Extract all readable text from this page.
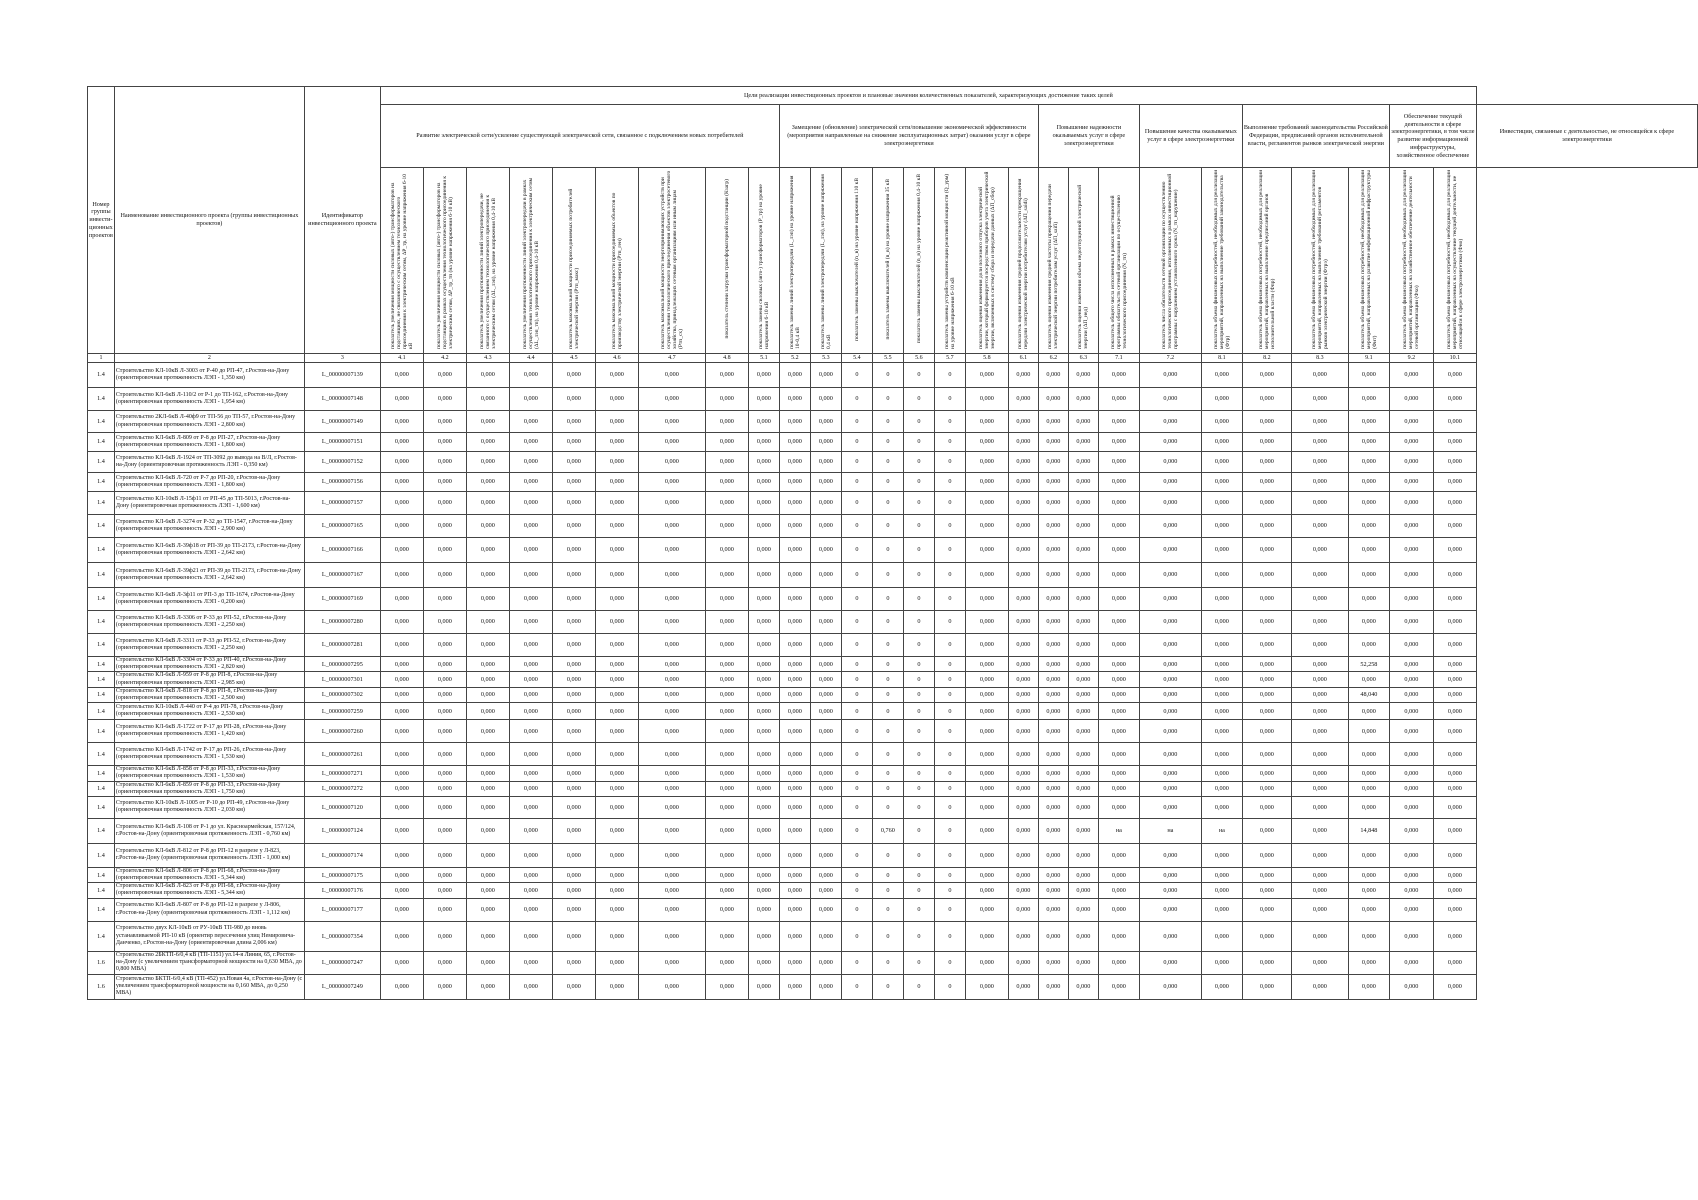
Номер группы инвести-ционных проектов	Наименование инвестиционного проекта (группы инвестиционных проектов)	Идентификатор инвестиционного проекта	Цели реализации инвестиционных проектов и плановые значения количественных показателей, характеризующих достижение таких целей																											
			Развитие электрической сети/усиление существующей электрической сети, связанное с подключением новых потребителей									Замещение (обновление) электрической сети/повышение экономической эффективности (мероприятия направленные на снижение эксплуатационных затрат) оказания услуг в сфере электроэнергетики								Повышение надежности оказываемых услуг в сфере электроэнергетики			Повышение качества оказываемых услуг в сфере электроэнергетики		Выполнение требований законодательства Российской Федерации, предписаний органов исполнительной власти, регламентов рынков электрической энергии			Обеспечение текущей деятельности в сфере электроэнергетики, в том числе развитие информационной инфраструктуры, хозяйственное обеспечение		Инвестиции, связанные с деятельностью, не относящейся к сфере электроэнергетики
			показатель увеличения мощности силовых (авто-) трансформаторов на подстанциях, не связанного с осуществлением технологического присоединения к электрическим сетям, ΔP_тр, на уровне напряжения 6-10 кВ	показатель увеличения мощности силовых (авто-) трансформаторов на подстанциях в рамках осуществления технологического присоединения к электрическим сетям, ΔP_тр_тп (на уровне напряжения 6-10 кВ)	показатель увеличения протяженности линий электропередачи, не связанного с осуществлением технологического присоединения к электрическим сетям (ΔL_лэп), на уровне напряжения 0,4-10 кВ	показатель увеличения протяженности линий электропередачи в рамках осуществления технологического присоединения к электрическим сетям (ΔL_лэп_тп), на уровне напряжения 0,4-10 кВ	показатель максимальной мощности присоединяемых потребителей электрической энергии (Ртп_макс)	показатель максимальной мощности присоединяемых объектов по производству электрической энергии (Ртп_ген)	показатель максимальной мощности энергопринимающих устройств при осуществлении технологического присоединения объектов электросетевого хозяйства, принадлежащих сетевым организациям или иным лицам (Ртп_сх)	показатель степени загрузки трансформаторной подстанции (Кзагр)	показатель замены силовых (авто-) трансформаторов (Р_тр) на уровне напряжения 6-10 кВ	показатель замены линий электропередачи (L_лэп) на уровне напряжения 10-0,4 кВ	показатель замены линий электропередачи (L_лэп), на уровне напряжения 0,4 кВ	показатель замены выключателей (n_в) на уровне напряжения 110 кВ	показатель замены выключателей (n_в) на уровне напряжения 35 кВ	показатель замены выключателей (n_в) на уровне напряжения 0,4-10 кВ	показатель замены устройств компенсации реактивной мощности (Q_урм) на уровне напряжения 6-10 кВ	показатель оценки изменения доли полезного отпуска электрической энергии, который формируется посредством приборов учета электрической энергии, включенных в систему сбора и передачи данных (ΔП_сбор)	показатель оценки изменения средней продолжительности прекращения передачи электрической энергии потребителям услуг (ΔП_saidi)	показатель оценки изменения средней частоты прекращения передачи электрической энергии потребителям услуг (ΔП_saifi)	показатель оценки изменения объема недоотпущенной электрической энергии (ΔП_нед)	показатель общего числа исполненных в рамках инвестиционной программы обязательств сетевой организации по осуществлению технологического присоединения (N_тп)	показатель числа обязательств сетевой организации по осуществлению технологического присоединения, исполненных в рамках инвестиционной программы с нарушением установленного срока (N_тп_нарушение)	показатель объема финансовых потребностей, необходимых для реализации мероприятий, направленных на выполнение требований законодательства (Фтр)	показатель объема финансовых потребностей, необходимых для реализации мероприятий, направленных на выполнение предписаний органов исполнительной власти (Фпр)	показатель объема финансовых потребностей, необходимых для реализации мероприятий, направленных на выполнение требований регламентов рынков электрической энергии (Фтрэ)	показатель объема финансовых потребностей, необходимых для реализации мероприятий, направленных на развитие информационной инфраструктуры (Фит)	показатель объема финансовых потребностей, необходимых для реализации мероприятий, направленных на хозяйственное обеспечение деятельности сетевой организации (Фхо)	показатель объема финансовых потребностей, необходимых для реализации мероприятий, направленных на осуществление текущей деятельности, не относящейся к сфере электроэнергетики (Фно)	
1	2	3	4.1	4.2	4.3	4.4	4.5	4.6	4.7	4.8	5.1	5.2	5.3	5.4	5.5	5.6	5.7	5.8	6.1	6.2	6.3	7.1	7.2	8.1	8.2	8.3	9.1	9.2	10.1	
1.4	Строительство КЛ-10кВ Л-3003 от Р-40 до РП-47, г.Ростов-на-Дону (ориентировочная протяженность ЛЭП - 1,350 км)	L_00000007139	0,000	0,000	0,000	0,000	0,000	0,000	0,000	0,000	0,000	0,000	0,000	0	0	0	0	0,000	0,000	0,000	0,000	0,000	0,000	0,000	0,000	0,000	0,000	0,000	0,000	
1.4	Строительство КЛ-6кВ Л-110/2 от Р-1 до ТП-162, г.Ростов-на-Дону (ориентировочная протяженность ЛЭП - 1,954 км)	L_00000007148	0,000	0,000	0,000	0,000	0,000	0,000	0,000	0,000	0,000	0,000	0,000	0	0	0	0	0,000	0,000	0,000	0,000	0,000	0,000	0,000	0,000	0,000	0,000	0,000	0,000	
1.4	Строительство 2КЛ-6кВ Л-40ф9 от ТП-56 до ТП-57, г.Ростов-на-Дону (ориентировочная протяженность ЛЭП - 2,800 км)	L_00000007149	0,000	0,000	0,000	0,000	0,000	0,000	0,000	0,000	0,000	0,000	0,000	0	0	0	0	0,000	0,000	0,000	0,000	0,000	0,000	0,000	0,000	0,000	0,000	0,000	0,000	
1.4	Строительство КЛ-6кВ Л-809 от Р-8 до РП-27, г.Ростов-на-Дону (ориентировочная протяженность ЛЭП - 1,800 км)	L_00000007151	0,000	0,000	0,000	0,000	0,000	0,000	0,000	0,000	0,000	0,000	0,000	0	0	0	0	0,000	0,000	0,000	0,000	0,000	0,000	0,000	0,000	0,000	0,000	0,000	0,000	
1.4	Строительство КЛ-6кВ Л-1924 от ТП-3092 до вывода на В/Л, г.Ростов-на-Дону (ориентировочная протяженность ЛЭП - 0,350 км)	L_00000007152	0,000	0,000	0,000	0,000	0,000	0,000	0,000	0,000	0,000	0,000	0,000	0	0	0	0	0,000	0,000	0,000	0,000	0,000	0,000	0,000	0,000	0,000	0,000	0,000	0,000	
1.4	Строительство КЛ-6кВ Л-720 от Р-7 до РП-20, г.Ростов-на-Дону (ориентировочная протяженность ЛЭП - 1,800 км)	L_00000007156	0,000	0,000	0,000	0,000	0,000	0,000	0,000	0,000	0,000	0,000	0,000	0	0	0	0	0,000	0,000	0,000	0,000	0,000	0,000	0,000	0,000	0,000	0,000	0,000	0,000	
1.4	Строительство КЛ-10кВ Л-15ф11 от РП-45 до ТП-5013, г.Ростов-на-Дону (ориентировочная протяженность ЛЭП - 1,600 км)	L_00000007157	0,000	0,000	0,000	0,000	0,000	0,000	0,000	0,000	0,000	0,000	0,000	0	0	0	0	0,000	0,000	0,000	0,000	0,000	0,000	0,000	0,000	0,000	0,000	0,000	0,000	
1.4	Строительство КЛ-6кВ Л-3274 от Р-32 до ТП-1547, г.Ростов-на-Дону (ориентировочная протяженность ЛЭП - 2,900 км)	L_00000007165	0,000	0,000	0,000	0,000	0,000	0,000	0,000	0,000	0,000	0,000	0,000	0	0	0	0	0,000	0,000	0,000	0,000	0,000	0,000	0,000	0,000	0,000	0,000	0,000	0,000	
1.4	Строительство КЛ-6кВ Л-39ф18 от РП-39 до ТП-2173, г.Ростов-на-Дону (ориентировочная протяженность ЛЭП - 2,642 км)	L_00000007166	0,000	0,000	0,000	0,000	0,000	0,000	0,000	0,000	0,000	0,000	0,000	0	0	0	0	0,000	0,000	0,000	0,000	0,000	0,000	0,000	0,000	0,000	0,000	0,000	0,000	
1.4	Строительство КЛ-6кВ Л-39ф21 от РП-39 до ТП-2173, г.Ростов-на-Дону (ориентировочная протяженность ЛЭП - 2,642 км)	L_00000007167	0,000	0,000	0,000	0,000	0,000	0,000	0,000	0,000	0,000	0,000	0,000	0	0	0	0	0,000	0,000	0,000	0,000	0,000	0,000	0,000	0,000	0,000	0,000	0,000	0,000	
1.4	Строительство КЛ-6кВ Л-3ф11 от РП-3 до ТП-1674, г.Ростов-на-Дону (ориентировочная протяженность ЛЭП - 0,200 км)	L_00000007169	0,000	0,000	0,000	0,000	0,000	0,000	0,000	0,000	0,000	0,000	0,000	0	0	0	0	0,000	0,000	0,000	0,000	0,000	0,000	0,000	0,000	0,000	0,000	0,000	0,000	
1.4	Строительство КЛ-6кВ Л-3306 от Р-33 до РП-52, г.Ростов-на-Дону (ориентировочная протяженность ЛЭП - 2,250 км)	L_00000007280	0,000	0,000	0,000	0,000	0,000	0,000	0,000	0,000	0,000	0,000	0,000	0	0	0	0	0,000	0,000	0,000	0,000	0,000	0,000	0,000	0,000	0,000	0,000	0,000	0,000	
1.4	Строительство КЛ-6кВ Л-3311 от Р-33 до РП-52, г.Ростов-на-Дону (ориентировочная протяженность ЛЭП - 2,250 км)	L_00000007281	0,000	0,000	0,000	0,000	0,000	0,000	0,000	0,000	0,000	0,000	0,000	0	0	0	0	0,000	0,000	0,000	0,000	0,000	0,000	0,000	0,000	0,000	0,000	0,000	0,000	
1.4	Строительство КЛ-6кВ Л-3304 от Р-33 до РП-40, г.Ростов-на-Дону (ориентировочная протяженность ЛЭП - 2,820 км)	L_00000007295	0,000	0,000	0,000	0,000	0,000	0,000	0,000	0,000	0,000	0,000	0,000	0	0	0	0	0,000	0,000	0,000	0,000	0,000	0,000	0,000	0,000	0,000	52,258	0,000	0,000	
1.4	Строительство КЛ-6кВ Л-959 от Р-8 до РП-8, г.Ростов-на-Дону (ориентировочная протяженность ЛЭП - 2,985 км)	L_00000007301	0,000	0,000	0,000	0,000	0,000	0,000	0,000	0,000	0,000	0,000	0,000	0	0	0	0	0,000	0,000	0,000	0,000	0,000	0,000	0,000	0,000	0,000	0,000	0,000	0,000	
1.4	Строительство КЛ-6кВ Л-818 от Р-8 до РП-8, г.Ростов-на-Дону (ориентировочная протяженность ЛЭП - 2,500 км)	L_00000007302	0,000	0,000	0,000	0,000	0,000	0,000	0,000	0,000	0,000	0,000	0,000	0	0	0	0	0,000	0,000	0,000	0,000	0,000	0,000	0,000	0,000	0,000	48,040	0,000	0,000	
1.4	Строительство КЛ-10кВ Л-440 от Р-4 до РП-78, г.Ростов-на-Дону (ориентировочная протяженность ЛЭП - 2,530 км)	L_00000007259	0,000	0,000	0,000	0,000	0,000	0,000	0,000	0,000	0,000	0,000	0,000	0	0	0	0	0,000	0,000	0,000	0,000	0,000	0,000	0,000	0,000	0,000	0,000	0,000	0,000	
1.4	Строительство КЛ-6кВ Л-1722 от Р-17 до РП-28, г.Ростов-на-Дону (ориентировочная протяженность ЛЭП - 1,420 км)	L_00000007260	0,000	0,000	0,000	0,000	0,000	0,000	0,000	0,000	0,000	0,000	0,000	0	0	0	0	0,000	0,000	0,000	0,000	0,000	0,000	0,000	0,000	0,000	0,000	0,000	0,000	
1.4	Строительство КЛ-6кВ Л-1742 от Р-17 до РП-26, г.Ростов-на-Дону (ориентировочная протяженность ЛЭП - 1,530 км)	L_00000007261	0,000	0,000	0,000	0,000	0,000	0,000	0,000	0,000	0,000	0,000	0,000	0	0	0	0	0,000	0,000	0,000	0,000	0,000	0,000	0,000	0,000	0,000	0,000	0,000	0,000	
1.4	Строительство КЛ-6кВ Л-858 от Р-8 до РП-33, г.Ростов-на-Дону (ориентировочная протяженность ЛЭП - 1,530 км)	L_00000007271	0,000	0,000	0,000	0,000	0,000	0,000	0,000	0,000	0,000	0,000	0,000	0	0	0	0	0,000	0,000	0,000	0,000	0,000	0,000	0,000	0,000	0,000	0,000	0,000	0,000	
1.4	Строительство КЛ-6кВ Л-859 от Р-8 до РП-33, г.Ростов-на-Дону (ориентировочная протяженность ЛЭП - 1,750 км)	L_00000007272	0,000	0,000	0,000	0,000	0,000	0,000	0,000	0,000	0,000	0,000	0,000	0	0	0	0	0,000	0,000	0,000	0,000	0,000	0,000	0,000	0,000	0,000	0,000	0,000	0,000	
1.4	Строительство КЛ-10кВ Л-1005 от Р-10 до РП-49, г.Ростов-на-Дону (ориентировочная протяженность ЛЭП - 2,030 км)	L_00000007120	0,000	0,000	0,000	0,000	0,000	0,000	0,000	0,000	0,000	0,000	0,000	0	0	0	0	0,000	0,000	0,000	0,000	0,000	0,000	0,000	0,000	0,000	0,000	0,000	0,000	
1.4	Строительство КЛ-6кВ Л-108 от Р-1 до ул. Красноармейская, 157/124, г.Ростов-на-Дону (ориентировочная протяженность ЛЭП - 0,760 км)	L_00000007124	0,000	0,000	0,000	0,000	0,000	0,000	0,000	0,000	0,000	0,000	0,000	0	0,760	0	0	0,000	0,000	0,000	0,000	на	на	на	0,000	0,000	14,848	0,000	0,000	
1.4	Строительство КЛ-6кВ Л-812 от Р-8 до РП-12 в разрезе у Л-823, г.Ростов-на-Дону (ориентировочная протяженность ЛЭП - 1,000 км)	L_00000007174	0,000	0,000	0,000	0,000	0,000	0,000	0,000	0,000	0,000	0,000	0,000	0	0	0	0	0,000	0,000	0,000	0,000	0,000	0,000	0,000	0,000	0,000	0,000	0,000	0,000	
1.4	Строительство КЛ-6кВ Л-806 от Р-8 до РП-68, г.Ростов-на-Дону (ориентировочная протяженность ЛЭП - 5,344 км)	L_00000007175	0,000	0,000	0,000	0,000	0,000	0,000	0,000	0,000	0,000	0,000	0,000	0	0	0	0	0,000	0,000	0,000	0,000	0,000	0,000	0,000	0,000	0,000	0,000	0,000	0,000	
1.4	Строительство КЛ-6кВ Л-823 от Р-8 до РП-68, г.Ростов-на-Дону (ориентировочная протяженность ЛЭП - 5,344 км)	L_00000007176	0,000	0,000	0,000	0,000	0,000	0,000	0,000	0,000	0,000	0,000	0,000	0	0	0	0	0,000	0,000	0,000	0,000	0,000	0,000	0,000	0,000	0,000	0,000	0,000	0,000	
1.4	Строительство КЛ-6кВ Л-807 от Р-8 до РП-12 в разрезе у Л-806, г.Ростов-на-Дону (ориентировочная протяженность ЛЭП - 1,112 км)	L_00000007177	0,000	0,000	0,000	0,000	0,000	0,000	0,000	0,000	0,000	0,000	0,000	0	0	0	0	0,000	0,000	0,000	0,000	0,000	0,000	0,000	0,000	0,000	0,000	0,000	0,000	
1.4	Строительство двух КЛ-10кВ от РУ-10кВ ТП-980 до вновь устанавливаемой РП-10 кВ (ориентир пересечения улиц Немировича-Данченко, г.Ростов-на-Дону (ориентировочная длина 2,006 км)	L_00000007354	0,000	0,000	0,000	0,000	0,000	0,000	0,000	0,000	0,000	0,000	0,000	0	0	0	0	0,000	0,000	0,000	0,000	0,000	0,000	0,000	0,000	0,000	0,000	0,000	0,000	
1.6	Строительство 2БКТП-6/0,4 кВ (ТП-1151) ул.14-я Линия, 65, г.Ростов-на-Дону (с увеличением трансформаторной мощности на 0,630 МВА, до 0,800 МВА)	L_00000007247	0,000	0,000	0,000	0,000	0,000	0,000	0,000	0,000	0,000	0,000	0,000	0	0	0	0	0,000	0,000	0,000	0,000	0,000	0,000	0,000	0,000	0,000	0,000	0,000	0,000	
1.6	Строительство БКТП-6/0,4 кВ (ТП-452) ул.Новая 4а, г.Ростов-на-Дону (с увеличением трансформаторной мощности на 0,160 МВА, до 0,250 МВА)	L_00000007249	0,000	0,000	0,000	0,000	0,000	0,000	0,000	0,000	0,000	0,000	0,000	0	0	0	0	0,000	0,000	0,000	0,000	0,000	0,000	0,000	0,000	0,000	0,000	0,000	0,000	
